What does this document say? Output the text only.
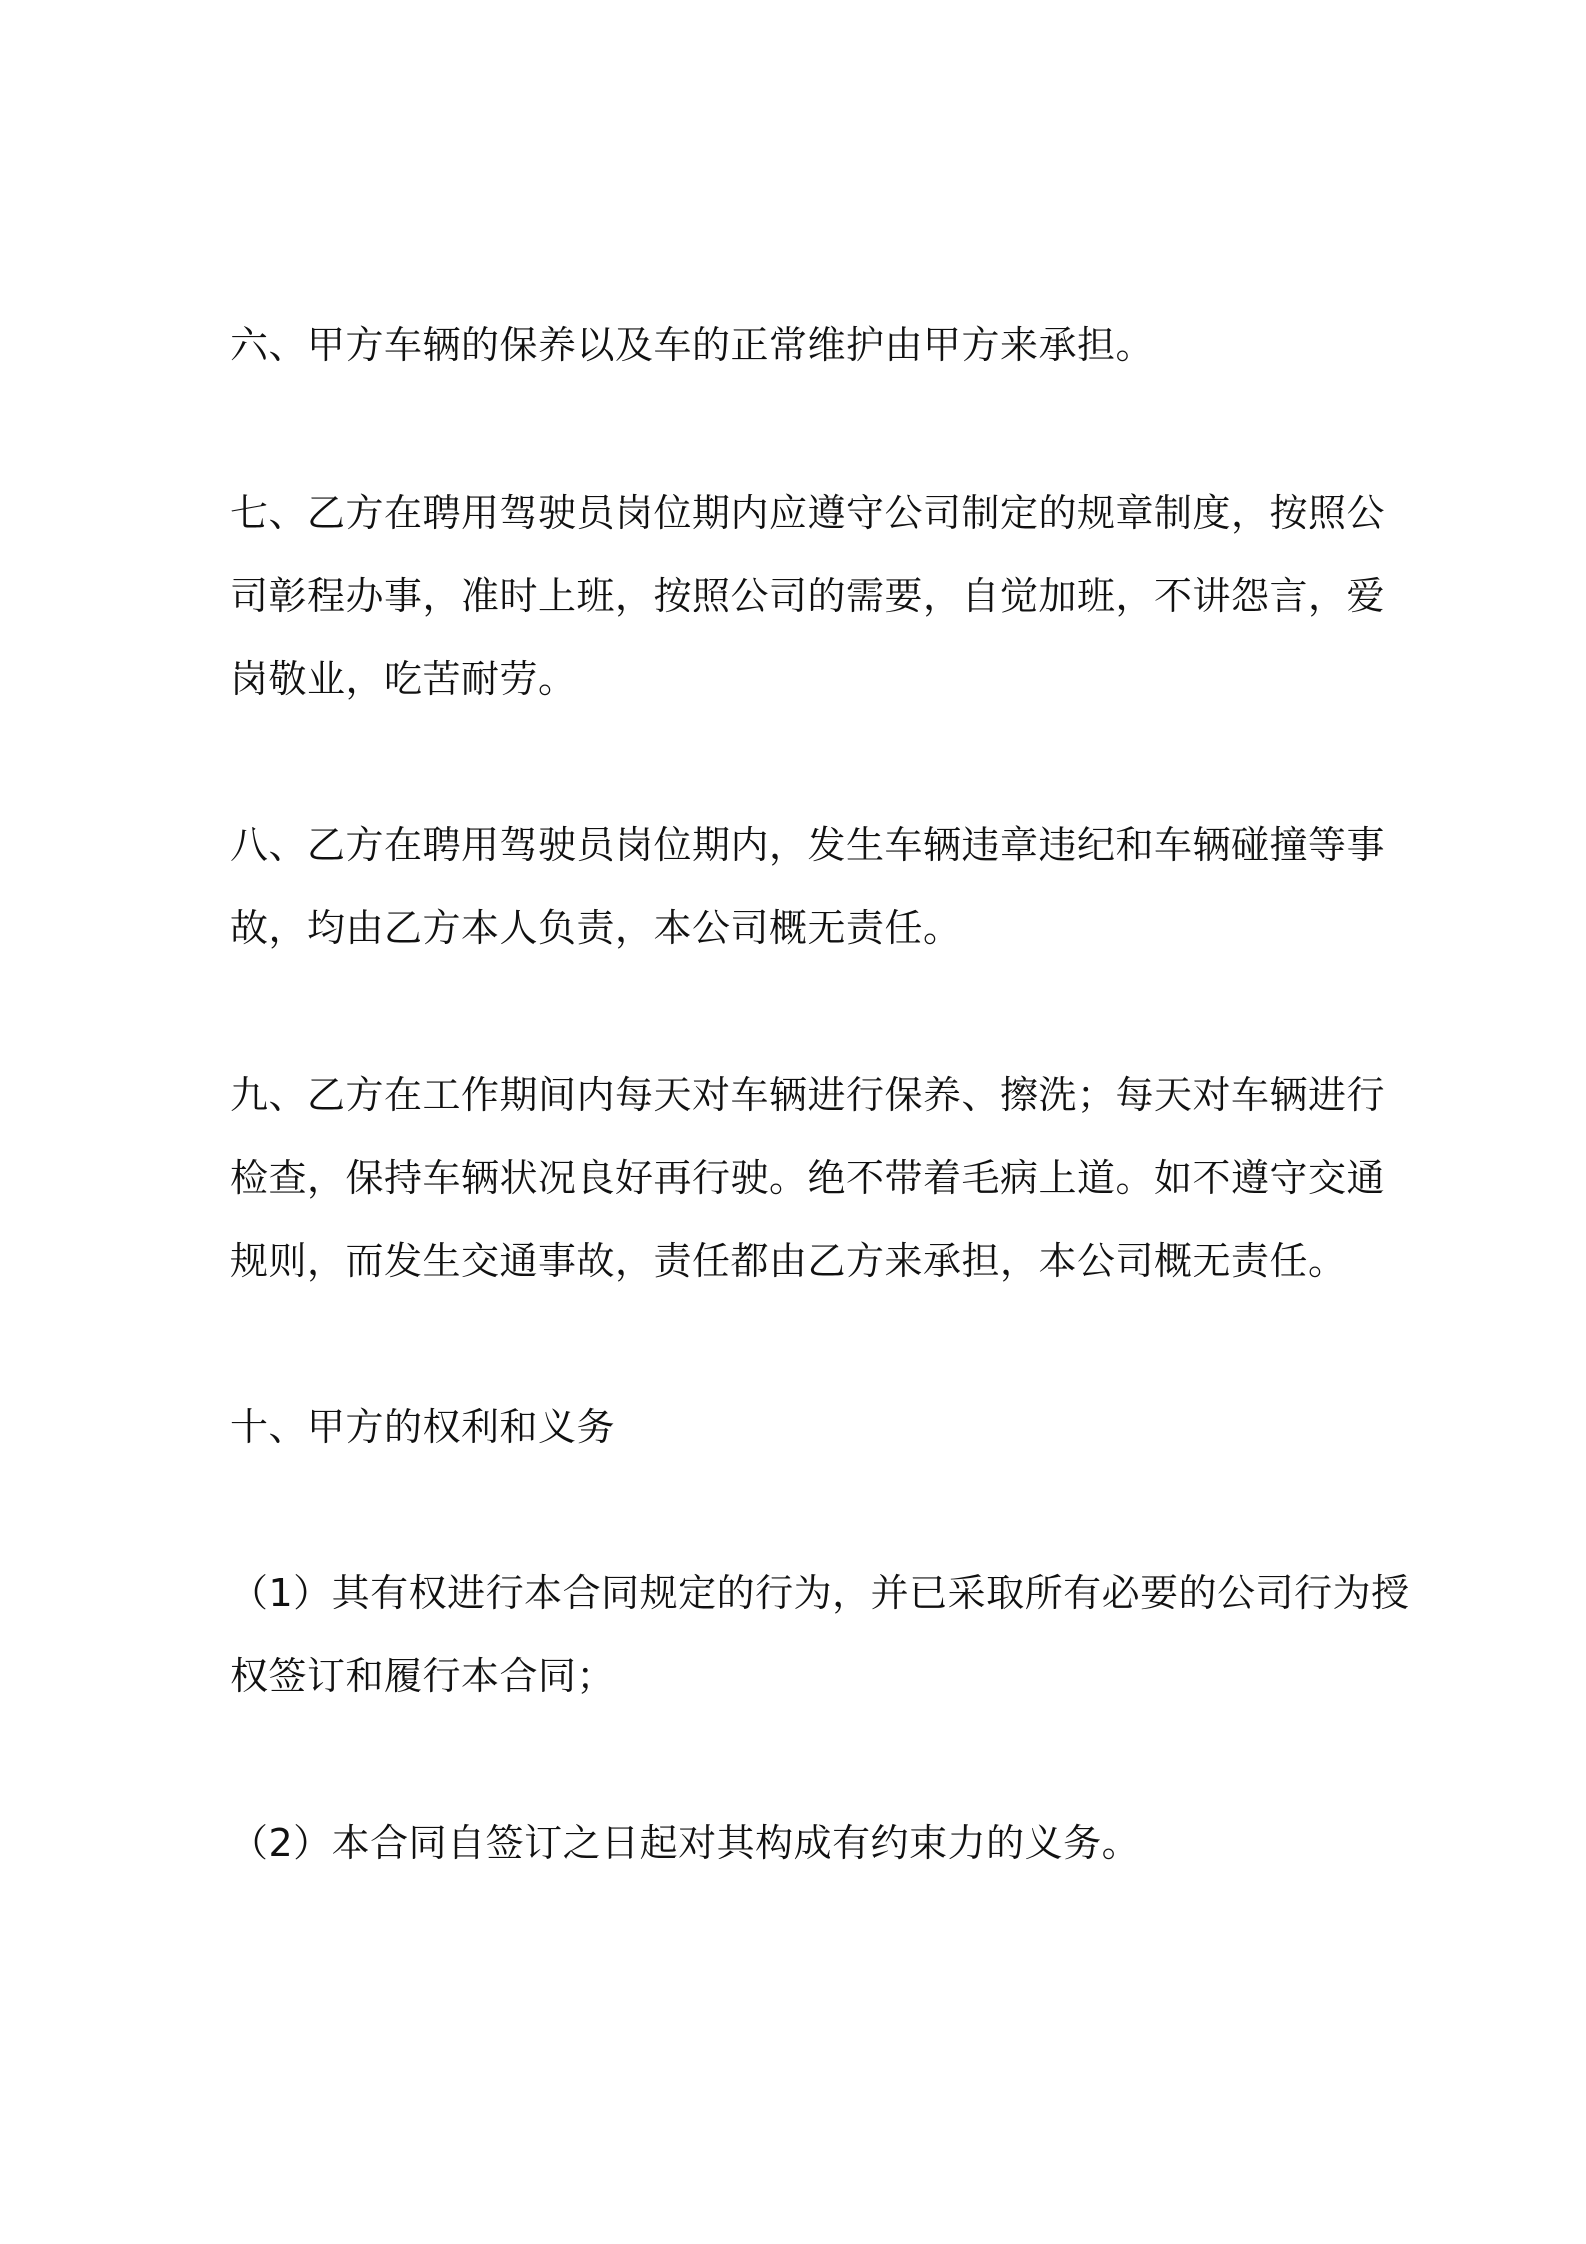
六、甲方车辆的保养以及车的正常维护由甲方来承担。
七、乙方在聘用驾驶员岗位期内应遵守公司制定的规章制度，按照公
司彰程办事，准时上班，按照公司的需要，自觉加班，不讲怨言，爱
岗敬业，吃苦耐劳。
八、乙方在聘用驾驶员岗位期内，发生车辆违章违纪和车辆碰撞等事
故，均由乙方本人负责，本公司概无责任。
九、乙方在工作期间内每天对车辆进行保养、擦洗；每天对车辆进行
检查，保持车辆状况良好再行驶。绝不带着毛病上道。如不遵守交通
规则，而发生交通事故，责任都由乙方来承担，本公司概无责任。
十、甲方的权利和义务
（1）其有权进行本合同规定的行为，并已采取所有必要的公司行为授
权签订和履行本合同；
（2）本合同自签订之日起对其构成有约束力的义务。
